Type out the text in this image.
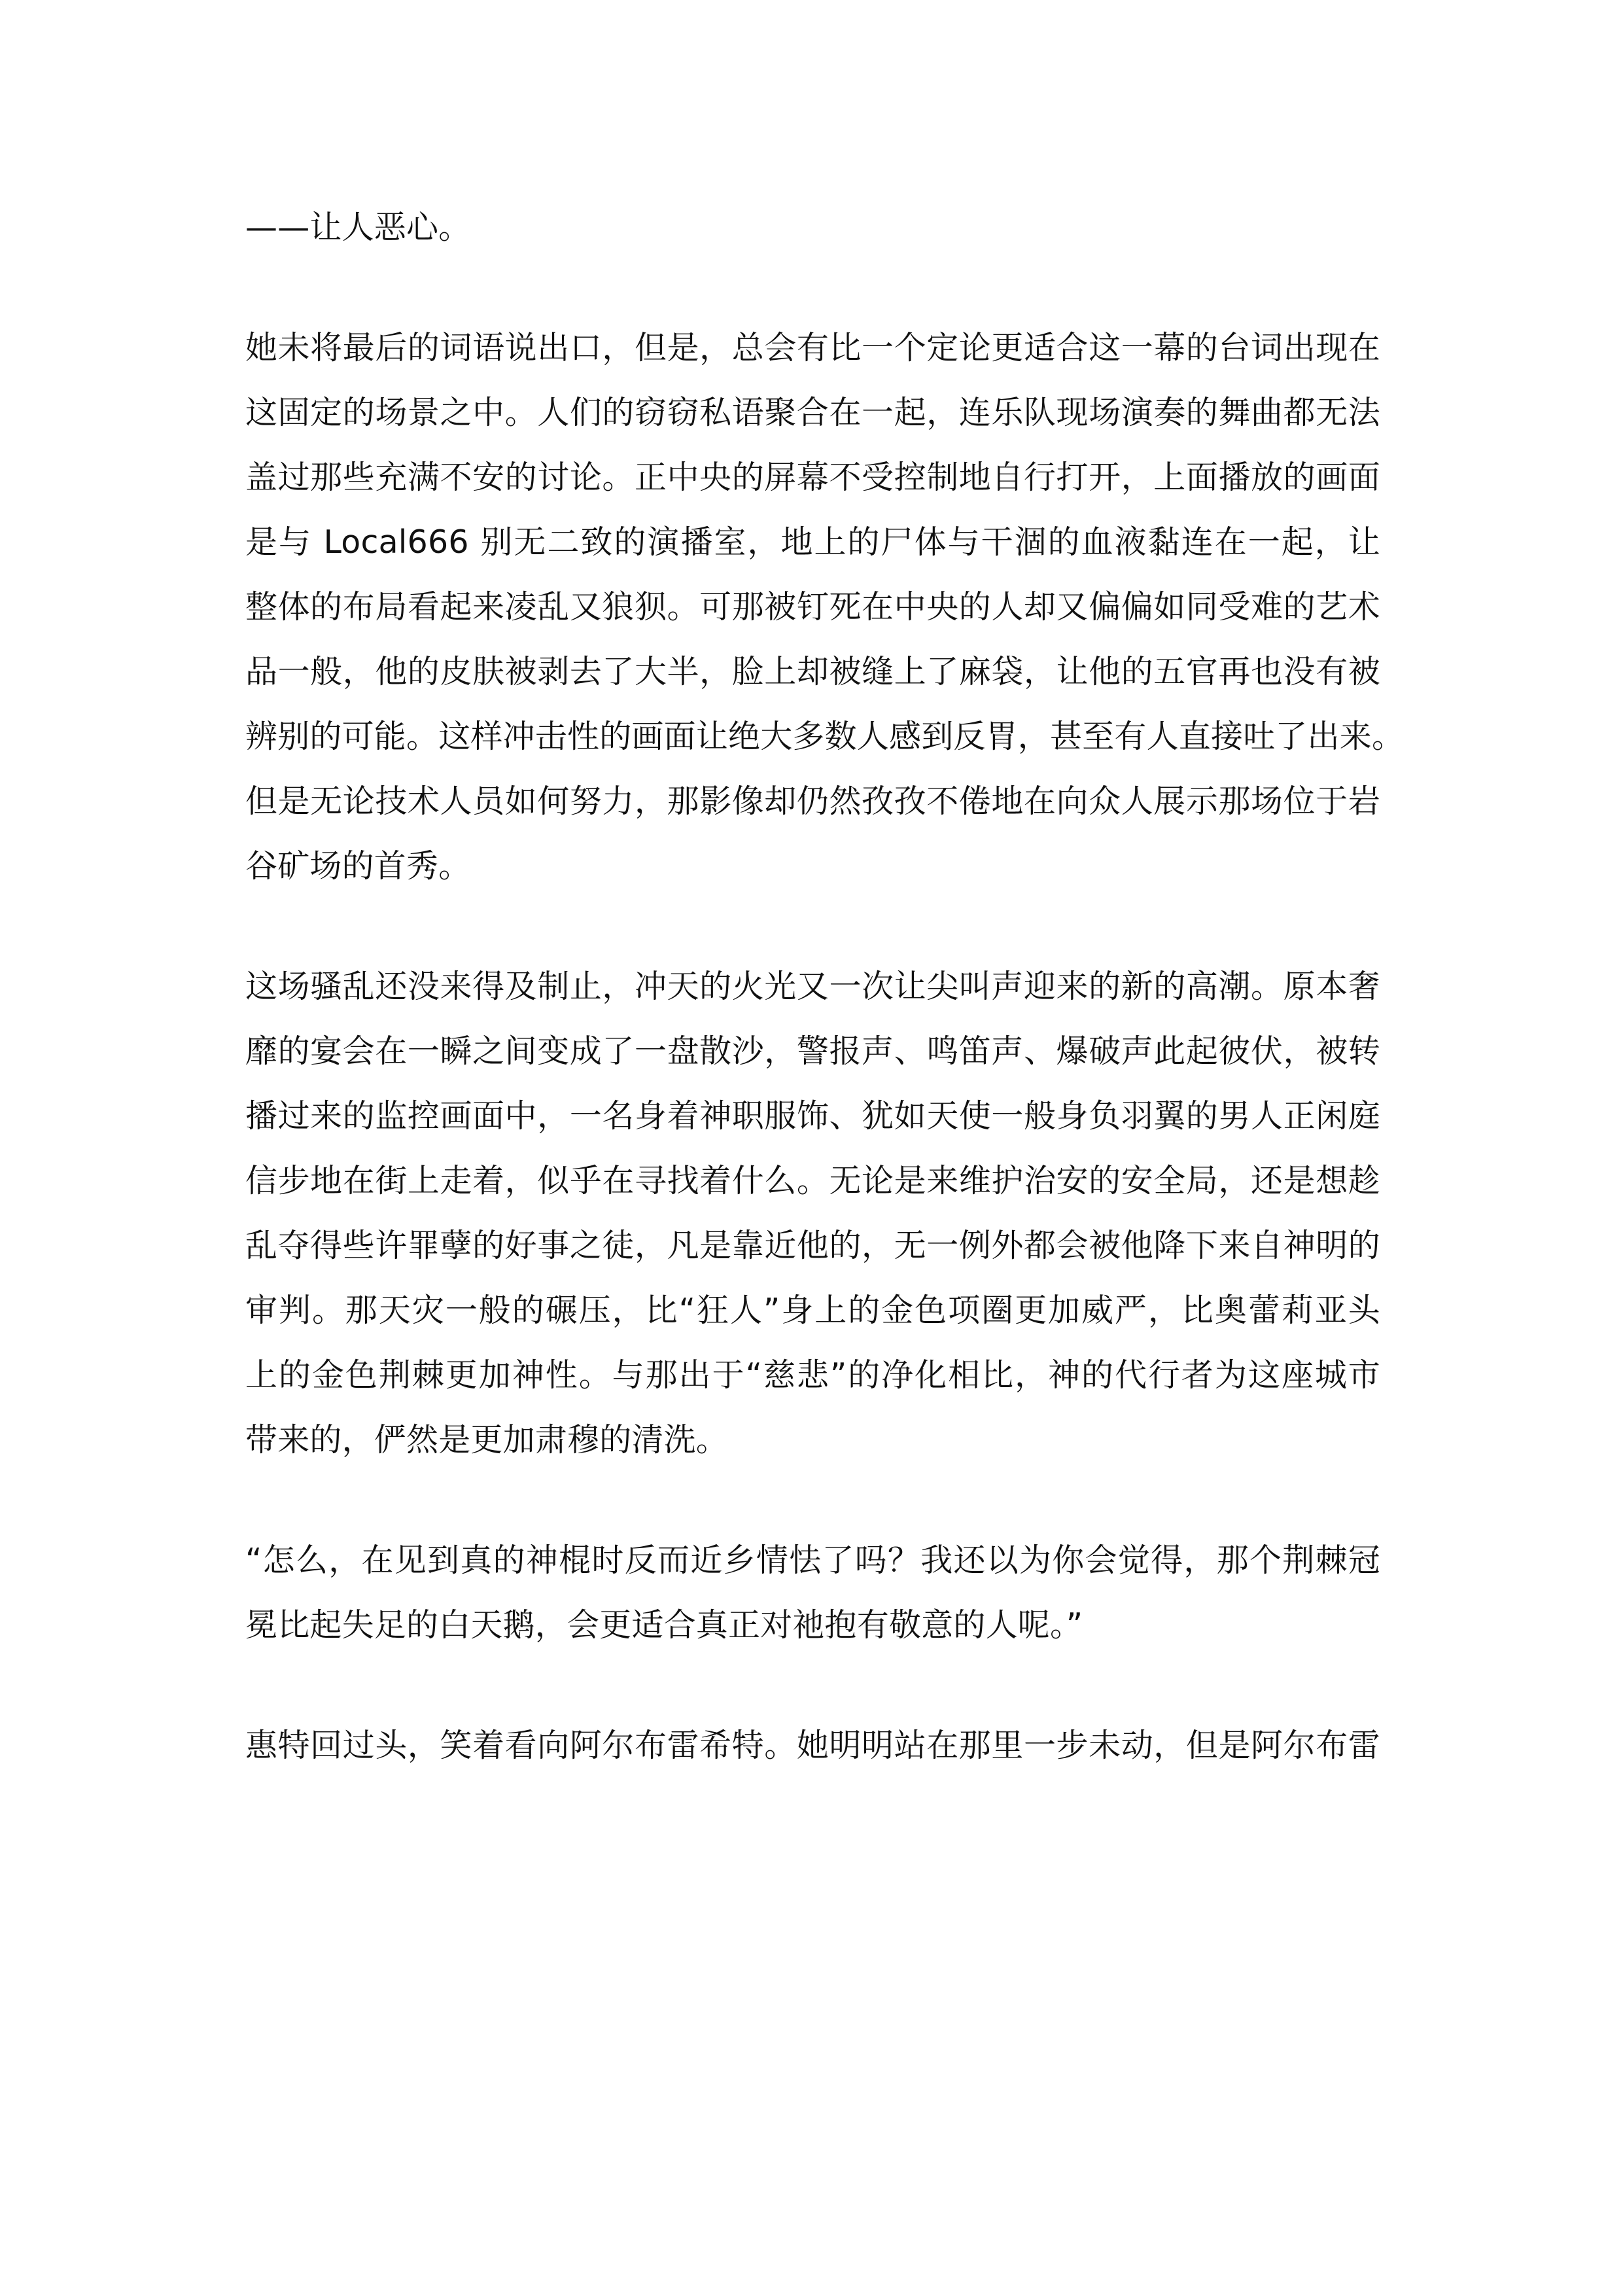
——让人恶心。
她未将最后的词语说出口，但是，总会有比一个定论更适合这一幕的台词出现在
这固定的场景之中。人们的窃窃私语聚合在一起，连乐队现场演奏的舞曲都无法
盖过那些充满不安的讨论。正中央的屏幕不受控制地自行打开，上面播放的画面
是与 Local666 别无二致的演播室，地上的尸体与干涸的血液黏连在一起，让
整体的布局看起来凌乱又狼狈。可那被钉死在中央的人却又偏偏如同受难的艺术
品一般，他的皮肤被剥去了大半，脸上却被缝上了麻袋，让他的五官再也没有被
辨别的可能。这样冲击性的画面让绝大多数人感到反胃，甚至有人直接吐了出来。
但是无论技术人员如何努力，那影像却仍然孜孜不倦地在向众人展示那场位于岩
谷矿场的首秀。
这场骚乱还没来得及制止，冲天的火光又一次让尖叫声迎来的新的高潮。原本奢
靡的宴会在一瞬之间变成了一盘散沙，警报声、鸣笛声、爆破声此起彼伏，被转
播过来的监控画面中，一名身着神职服饰、犹如天使一般身负羽翼的男人正闲庭
信步地在街上走着，似乎在寻找着什么。无论是来维护治安的安全局，还是想趁
乱夺得些许罪孽的好事之徒，凡是靠近他的，无一例外都会被他降下来自神明的
审判。那天灾一般的碾压，比“狂人”身上的金色项圈更加威严，比奥蕾莉亚头
上的金色荆棘更加神性。与那出于“慈悲”的净化相比，神的代行者为这座城市
带来的，俨然是更加肃穆的清洗。
“怎么，在见到真的神棍时反而近乡情怯了吗？我还以为你会觉得，那个荆棘冠
冕比起失足的白天鹅，会更适合真正对祂抱有敬意的人呢。”
惠特回过头，笑着看向阿尔布雷希特。她明明站在那里一步未动，但是阿尔布雷
